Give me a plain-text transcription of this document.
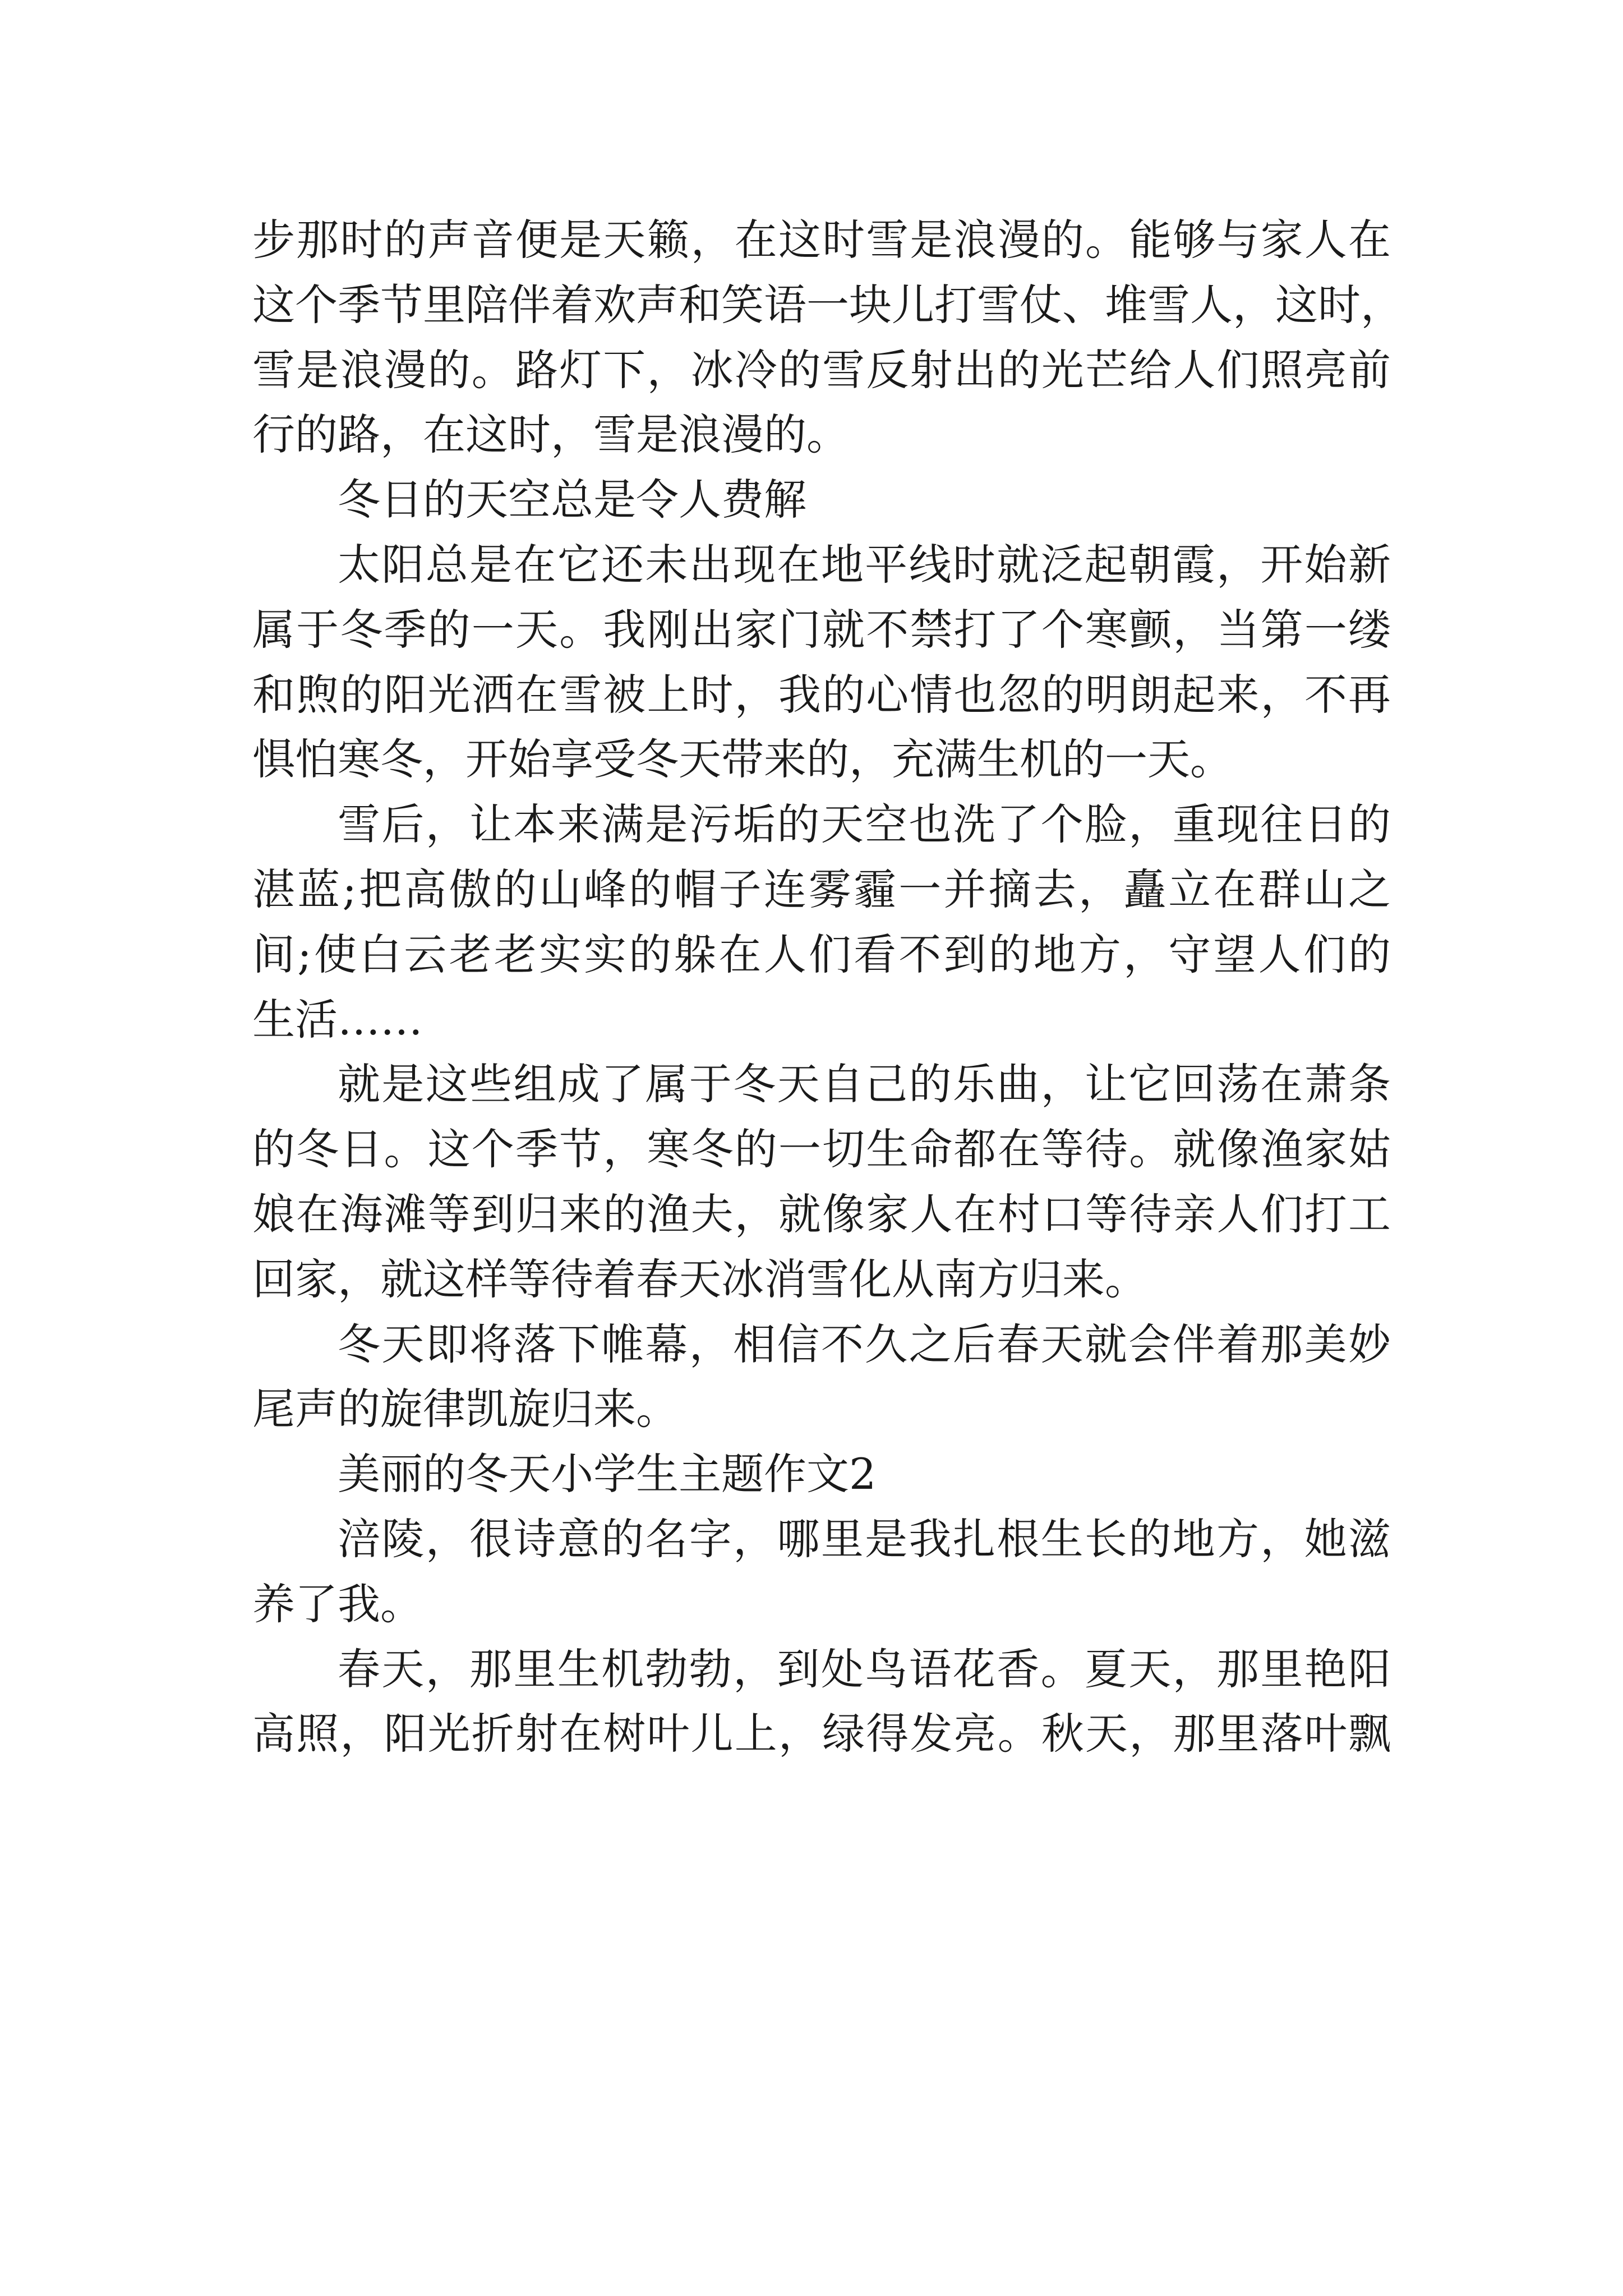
步那时的声音便是天籁，在这时雪是浪漫的。能够与家人在
这个季节里陪伴着欢声和笑语一块儿打雪仗、堆雪人，这时，
雪是浪漫的。路灯下，冰冷的雪反射出的光芒给人们照亮前
行的路，在这时，雪是浪漫的。
冬日的天空总是令人费解
太阳总是在它还未出现在地平线时就泛起朝霞，开始新
属于冬季的一天。我刚出家门就不禁打了个寒颤，当第一缕
和煦的阳光洒在雪被上时，我的心情也忽的明朗起来，不再
惧怕寒冬，开始享受冬天带来的，充满生机的一天。
雪后，让本来满是污垢的天空也洗了个脸，重现往日的
湛蓝;把高傲的山峰的帽子连雾霾一并摘去，矗立在群山之
间;使白云老老实实的躲在人们看不到的地方，守望人们的
生活……
就是这些组成了属于冬天自己的乐曲，让它回荡在萧条
的冬日。这个季节，寒冬的一切生命都在等待。就像渔家姑
娘在海滩等到归来的渔夫，就像家人在村口等待亲人们打工
回家，就这样等待着春天冰消雪化从南方归来。
冬天即将落下帷幕，相信不久之后春天就会伴着那美妙
尾声的旋律凯旋归来。
美丽的冬天小学生主题作文2
涪陵，很诗意的名字，哪里是我扎根生长的地方，她滋
养了我。
春天，那里生机勃勃，到处鸟语花香。夏天，那里艳阳
高照，阳光折射在树叶儿上，绿得发亮。秋天，那里落叶飘
